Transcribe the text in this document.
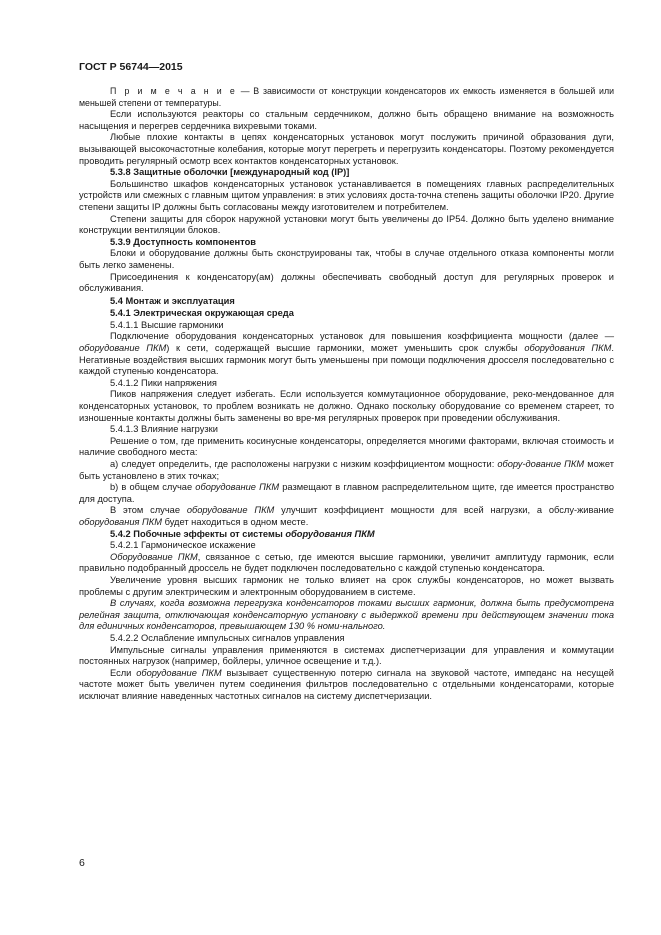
ГОСТ Р 56744—2015

П р и м е ч а н и е — В зависимости от конструкции конденсаторов их емкость изменяется в большей или меньшей степени от температуры.

Если используются реакторы со стальным сердечником, должно быть обращено внимание на возможность насыщения и перегрев сердечника вихревыми токами.

Любые плохие контакты в цепях конденсаторных установок могут послужить причиной образования дуги, вызывающей высокочастотные колебания, которые могут перегреть и перегрузить конденсаторы. Поэтому рекомендуется проводить регулярный осмотр всех контактов конденсаторных установок.

5.3.8 Защитные оболочки [международный код (IP)]

Большинство шкафов конденсаторных установок устанавливается в помещениях главных распределительных устройств или смежных с главным щитом управления: в этих условиях доста-точна степень защиты оболочки IP20. Другие степени защиты IP должны быть согласованы между изготовителем и потребителем.

Степени защиты для сборок наружной установки могут быть увеличены до IP54. Должно быть уделено внимание конструкции вентиляции блоков.

5.3.9 Доступность компонентов

Блоки и оборудование должны быть сконструированы так, чтобы в случае отдельного отказа компоненты могли быть легко заменены.

Присоединения к конденсатору(ам) должны обеспечивать свободный доступ для регулярных проверок и обслуживания.

5.4 Монтаж и эксплуатация

5.4.1 Электрическая окружающая среда

5.4.1.1 Высшие гармоники

Подключение оборудования конденсаторных установок для повышения коэффициента мощности (далее — оборудование ПКМ) к сети, содержащей высшие гармоники, может уменьшить срок службы оборудования ПКМ. Негативные воздействия высших гармоник могут быть уменьшены при помощи подключения дросселя последовательно с каждой ступенью конденсатора.

5.4.1.2 Пики напряжения

Пиков напряжения следует избегать. Если используется коммутационное оборудование, реко-мендованное для конденсаторных установок, то проблем возникать не должно. Однако поскольку оборудование со временем стареет, то изношенные контакты должны быть заменены во вре-мя регулярных проверок при проведении обслуживания.

5.4.1.3 Влияние нагрузки

Решение о том, где применить косинусные конденсаторы, определяется многими факторами, включая стоимость и наличие свободного места:

а) следует определить, где расположены нагрузки с низким коэффициентом мощности: обору-дование ПКМ может быть установлено в этих точках;

b) в общем случае оборудование ПКМ размещают в главном распределительном щите, где имеется пространство для доступа.

В этом случае оборудование ПКМ улучшит коэффициент мощности для всей нагрузки, а обслу-живание оборудования ПКМ будет находиться в одном месте.

5.4.2 Побочные эффекты от системы оборудования ПКМ

5.4.2.1 Гармоническое искажение

Оборудование ПКМ, связанное с сетью, где имеются высшие гармоники, увеличит амплитуду гармоник, если правильно подобранный дроссель не будет подключен последовательно с каждой ступенью конденсатора.

Увеличение уровня высших гармоник не только влияет на срок службы конденсаторов, но может вызвать проблемы с другим электрическим и электронным оборудованием в системе.

В случаях, когда возможна перегрузка конденсаторов токами высших гармоник, должна быть предусмотрена релейная защита, отключающая конденсаторную установку с выдержкой времени при действующем значении тока для единичных конденсаторов, превышающем 130 % номи-нального.

5.4.2.2 Ослабление импульсных сигналов управления

Импульсные сигналы управления применяются в системах диспетчеризации для управления и коммутации постоянных нагрузок (например, бойлеры, уличное освещение и т.д.).

Если оборудование ПКМ вызывает существенную потерю сигнала на звуковой частоте, импеданс на несущей частоте может быть увеличен путем соединения фильтров последовательно с отдельными конденсаторами, которые исключат влияние наведенных частотных сигналов на систему диспетчеризации.

6
